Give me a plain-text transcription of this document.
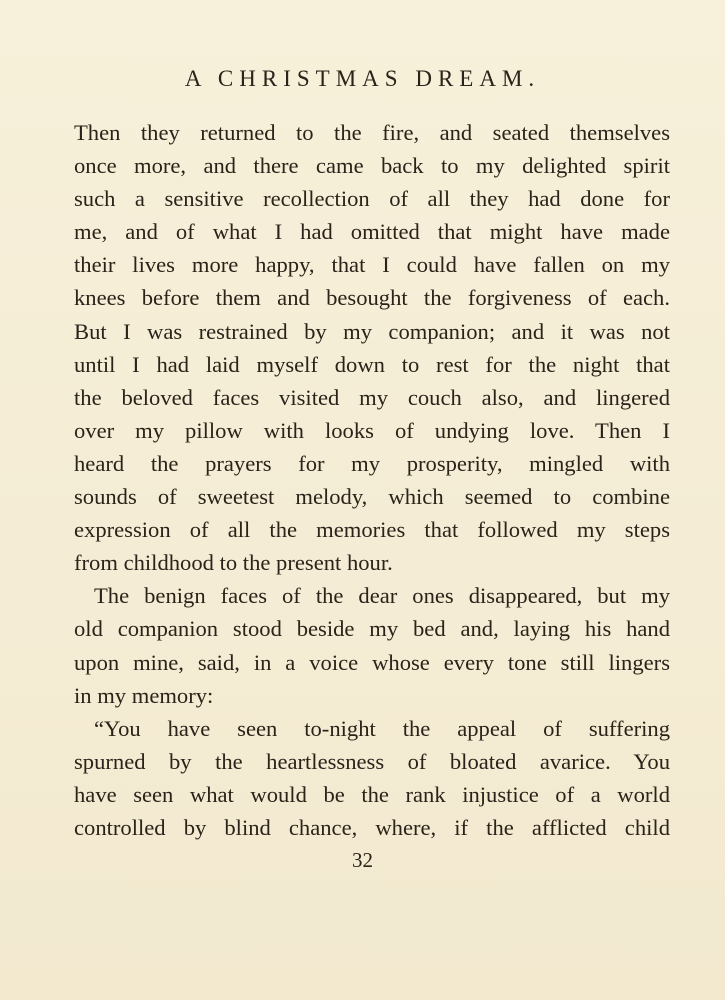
A CHRISTMAS DREAM.
Then they returned to the fire, and seated themselves
once more, and there came back to my delighted spirit
such a sensitive recollection of all they had done for
me, and of what I had omitted that might have made
their lives more happy, that I could have fallen on my
knees before them and besought the forgiveness of each.
But I was restrained by my companion; and it was not
until I had laid myself down to rest for the night that
the beloved faces visited my couch also, and lingered
over my pillow with looks of undying love. Then I
heard the prayers for my prosperity, mingled with
sounds of sweetest melody, which seemed to combine
expression of all the memories that followed my steps
from childhood to the present hour.
The benign faces of the dear ones disappeared, but my
old companion stood beside my bed and, laying his hand
upon mine, said, in a voice whose every tone still lingers
in my memory:
“You have seen to-night the appeal of suffering
spurned by the heartlessness of bloated avarice. You
have seen what would be the rank injustice of a world
controlled by blind chance, where, if the afflicted child
32
